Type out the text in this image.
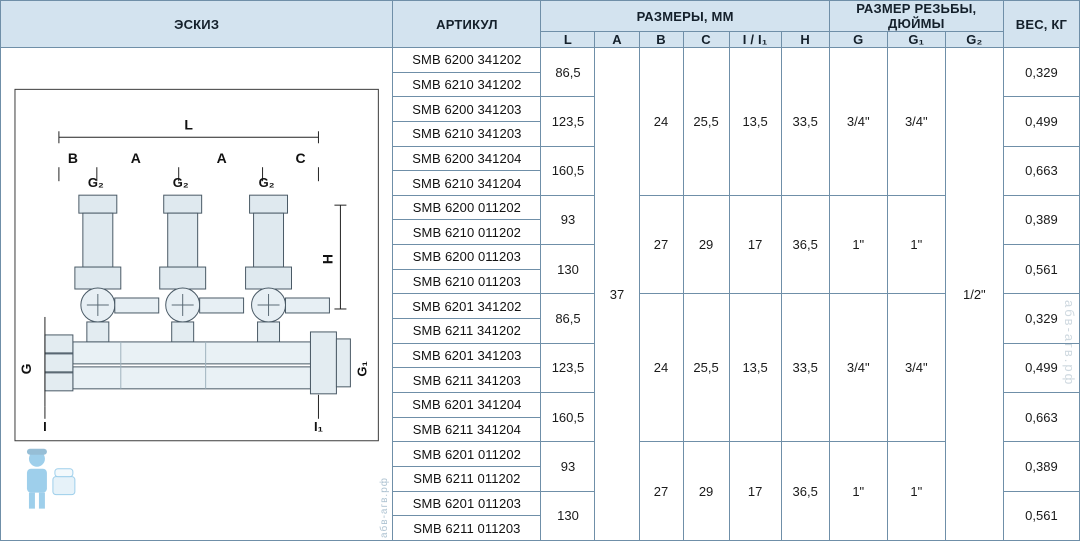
абв-агв.рф
ЭСКИЗ	АРТИКУЛ	РАЗМЕРЫ, ММ						РАЗМЕР РЕЗЬБЫ, ДЮЙМЫ			ВЕС, КГ
		L	A	B	C	I / I₁	H	G	G₁	G₂	

L
B	A	A	C
G₂	G₂	G₂
G	G₁
H
I	I₁
абв-агв.рф
	SMB 6200 341202	86,5	37	24	25,5	13,5	33,5	3/4"	3/4"	1/2"	0,329
	SMB 6210 341202										
	SMB 6200 341203	123,5									0,499
	SMB 6210 341203										
	SMB 6200 341204	160,5									0,663
	SMB 6210 341204										
	SMB 6200 011202	93		27	29	17	36,5	1"	1"		0,389
	SMB 6210 011202										
	SMB 6200 011203	130									0,561
	SMB 6210 011203										
	SMB 6201 341202	86,5		24	25,5	13,5	33,5	3/4"	3/4"		0,329
	SMB 6211 341202										
	SMB 6201 341203	123,5									0,499
	SMB 6211 341203										
	SMB 6201 341204	160,5									0,663
	SMB 6211 341204										
	SMB 6201 011202	93		27	29	17	36,5	1"	1"		0,389
	SMB 6211 011202										
	SMB 6201 011203	130									0,561
	SMB 6211 011203										
